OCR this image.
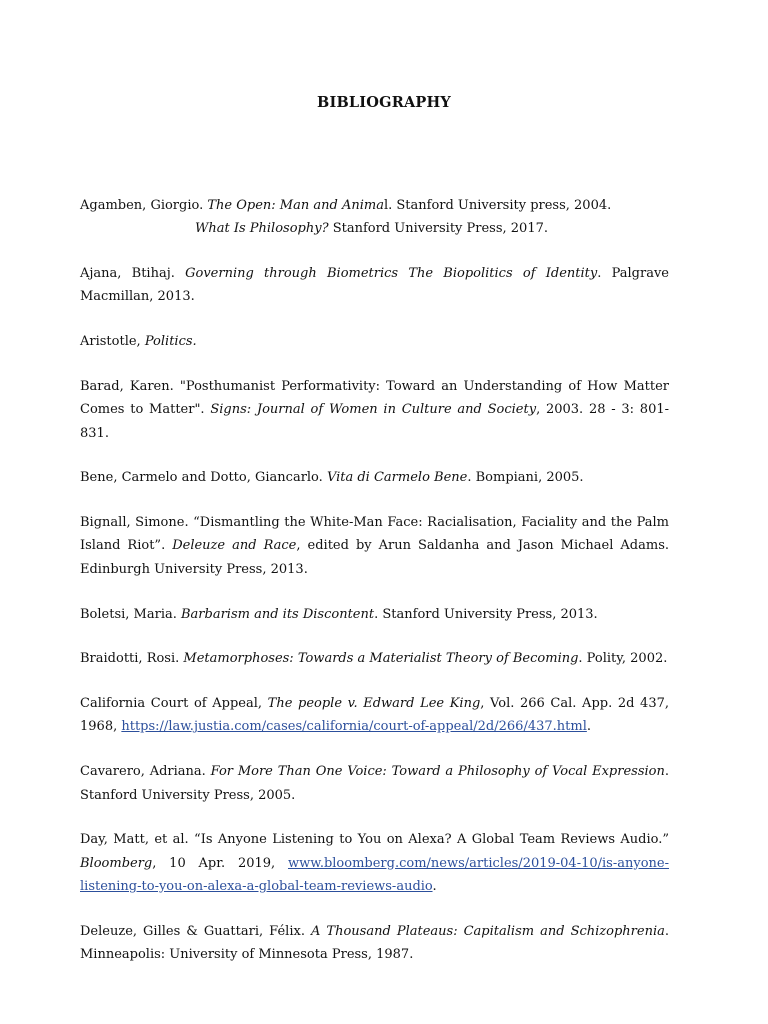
BIBLIOGRAPHY

Agamben, Giorgio. The Open: Man and Animal. Stanford University press, 2004.
What Is Philosophy? Stanford University Press, 2017.

Ajana, Btihaj. Governing through Biometrics The Biopolitics of Identity. Palgrave Macmillan, 2013.

Aristotle, Politics.

Barad, Karen. "Posthumanist Performativity: Toward an Understanding of How Matter Comes to Matter". Signs: Journal of Women in Culture and Society, 2003. 28 - 3: 801-831.

Bene, Carmelo and Dotto, Giancarlo. Vita di Carmelo Bene. Bompiani, 2005.

Bignall, Simone. “Dismantling the White-Man Face: Racialisation, Faciality and the Palm Island Riot”. Deleuze and Race, edited by Arun Saldanha and Jason Michael Adams. Edinburgh University Press, 2013.

Boletsi, Maria. Barbarism and its Discontent. Stanford University Press, 2013.

Braidotti, Rosi. Metamorphoses: Towards a Materialist Theory of Becoming. Polity, 2002.

California Court of Appeal, The people v. Edward Lee King, Vol. 266 Cal. App. 2d 437, 1968, https://law.justia.com/cases/california/court-of-appeal/2d/266/437.html.

Cavarero, Adriana. For More Than One Voice: Toward a Philosophy of Vocal Expression. Stanford University Press, 2005.

Day, Matt, et al. “Is Anyone Listening to You on Alexa? A Global Team Reviews Audio.” Bloomberg, 10 Apr. 2019, www.bloomberg.com/news/articles/2019-04-10/is-anyone-listening-to-you-on-alexa-a-global-team-reviews-audio.

Deleuze, Gilles & Guattari, Félix. A Thousand Plateaus: Capitalism and Schizophrenia. Minneapolis: University of Minnesota Press, 1987.
